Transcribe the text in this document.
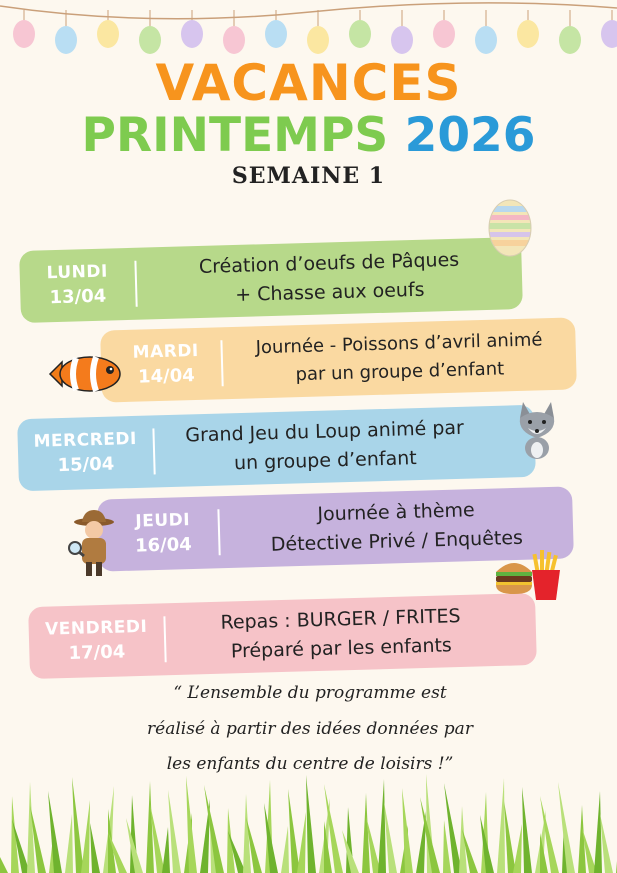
VACANCES
PRINTEMPS 2026
SEMAINE 1
LUNDI
13/04
Création d’oeufs de Pâques
+ Chasse aux oeufs
MARDI
14/04
Journée - Poissons d’avril animé
par un groupe d’enfant
MERCREDI
15/04
Grand Jeu du Loup animé par
un groupe d’enfant
JEUDI
16/04
Journée à thème
Détective Privé / Enquêtes
VENDREDI
17/04
Repas : BURGER / FRITES
Préparé par les enfants
“ L’ensemble du programme est
réalisé à partir des idées données par
les enfants du centre de loisirs !”
